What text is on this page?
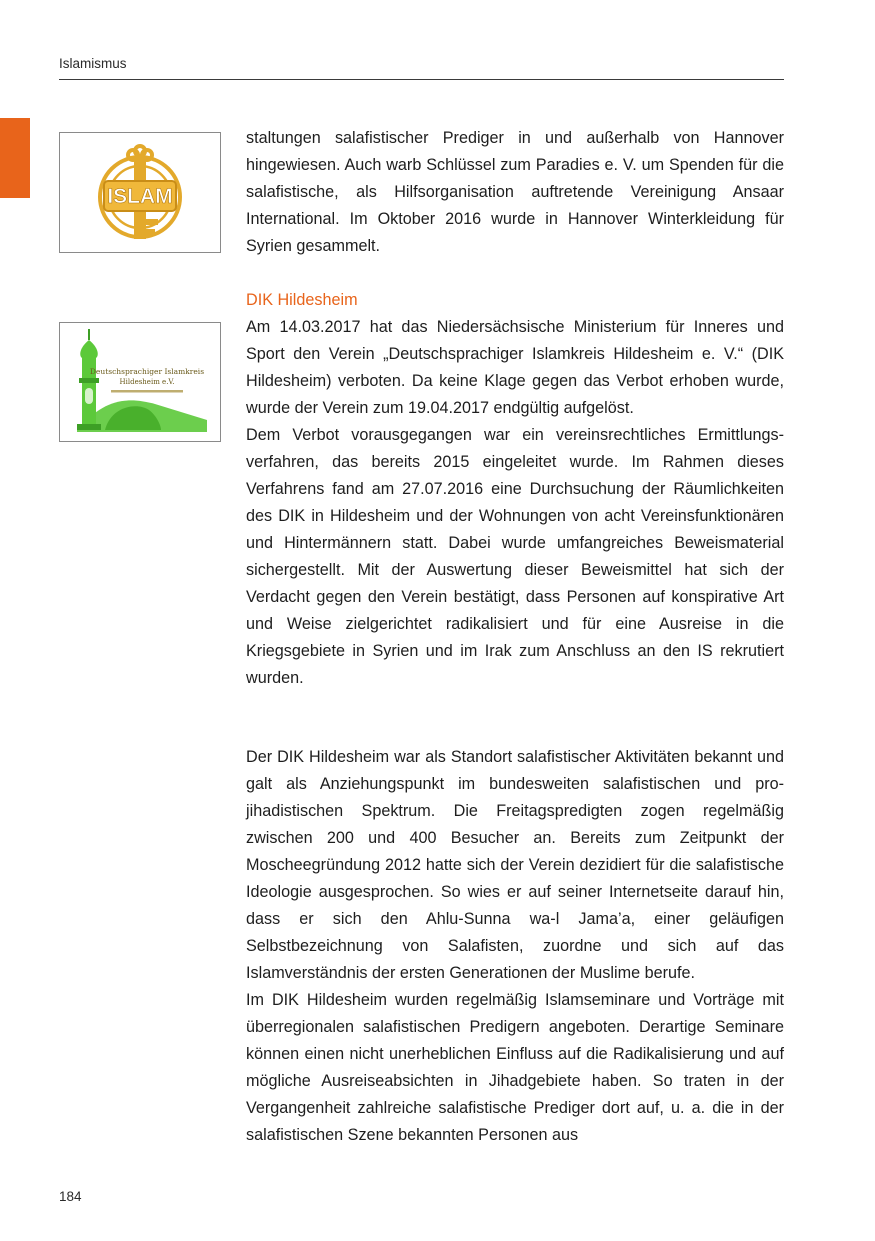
Islamismus
ISLAM
Deutschsprachiger Islamkreis
Hildesheim e.V.

staltungen salafistischer Prediger in und außerhalb von Hannover hingewiesen. Auch warb Schlüssel zum Paradies e. V. um Spenden für die salafistische, als Hilfsorganisation auftretende Vereinigung Ansaar International. Im Oktober 2016 wurde in Hannover Winterkleidung für Syrien gesammelt.

DIK Hildesheim

Am 14.03.2017 hat das Niedersächsische Ministerium für Inneres und Sport den Verein „Deutschsprachiger Islamkreis Hildesheim e. V.“ (DIK Hildesheim) verboten. Da keine Klage gegen das Verbot erhoben wurde, wurde der Verein zum 19.04.2017 endgültig aufgelöst.

Dem Verbot vorausgegangen war ein vereinsrechtliches Ermittlungsverfahren, das bereits 2015 eingeleitet wurde. Im Rahmen dieses Verfahrens fand am 27.07.2016 eine Durchsuchung der Räumlichkeiten des DIK in Hildesheim und der Wohnungen von acht Vereinsfunktionären und Hintermännern statt. Dabei wurde umfangreiches Beweismaterial sichergestellt. Mit der Auswertung dieser Beweismittel hat sich der Verdacht gegen den Verein bestätigt, dass Personen auf konspirative Art und Weise zielgerichtet radikalisiert und für eine Ausreise in die Kriegsgebiete in Syrien und im Irak zum Anschluss an den IS rekrutiert wurden.

Der DIK Hildesheim war als Standort salafistischer Aktivitäten bekannt und galt als Anziehungspunkt im bundesweiten salafistischen und pro-jihadistischen Spektrum. Die Freitagspredigten zogen regelmäßig zwischen 200 und 400 Besucher an. Bereits zum Zeitpunkt der Moscheegründung 2012 hatte sich der Verein dezidiert für die salafistische Ideologie ausgesprochen. So wies er auf seiner Internetseite darauf hin, dass er sich den Ahlu-Sunna wa-l Jama’a, einer geläufigen Selbstbezeichnung von Salafisten, zuordne und sich auf das Islamverständnis der ersten Generationen der Muslime berufe.

Im DIK Hildesheim wurden regelmäßig Islamseminare und Vorträge mit überregionalen salafistischen Predigern angeboten. Derartige Seminare können einen nicht unerheblichen Einfluss auf die Radikalisierung und auf mögliche Ausreiseabsichten in Jihadgebiete haben. So traten in der Vergangenheit zahlreiche salafistische Prediger dort auf, u. a. die in der salafistischen Szene bekannten Personen aus

184
